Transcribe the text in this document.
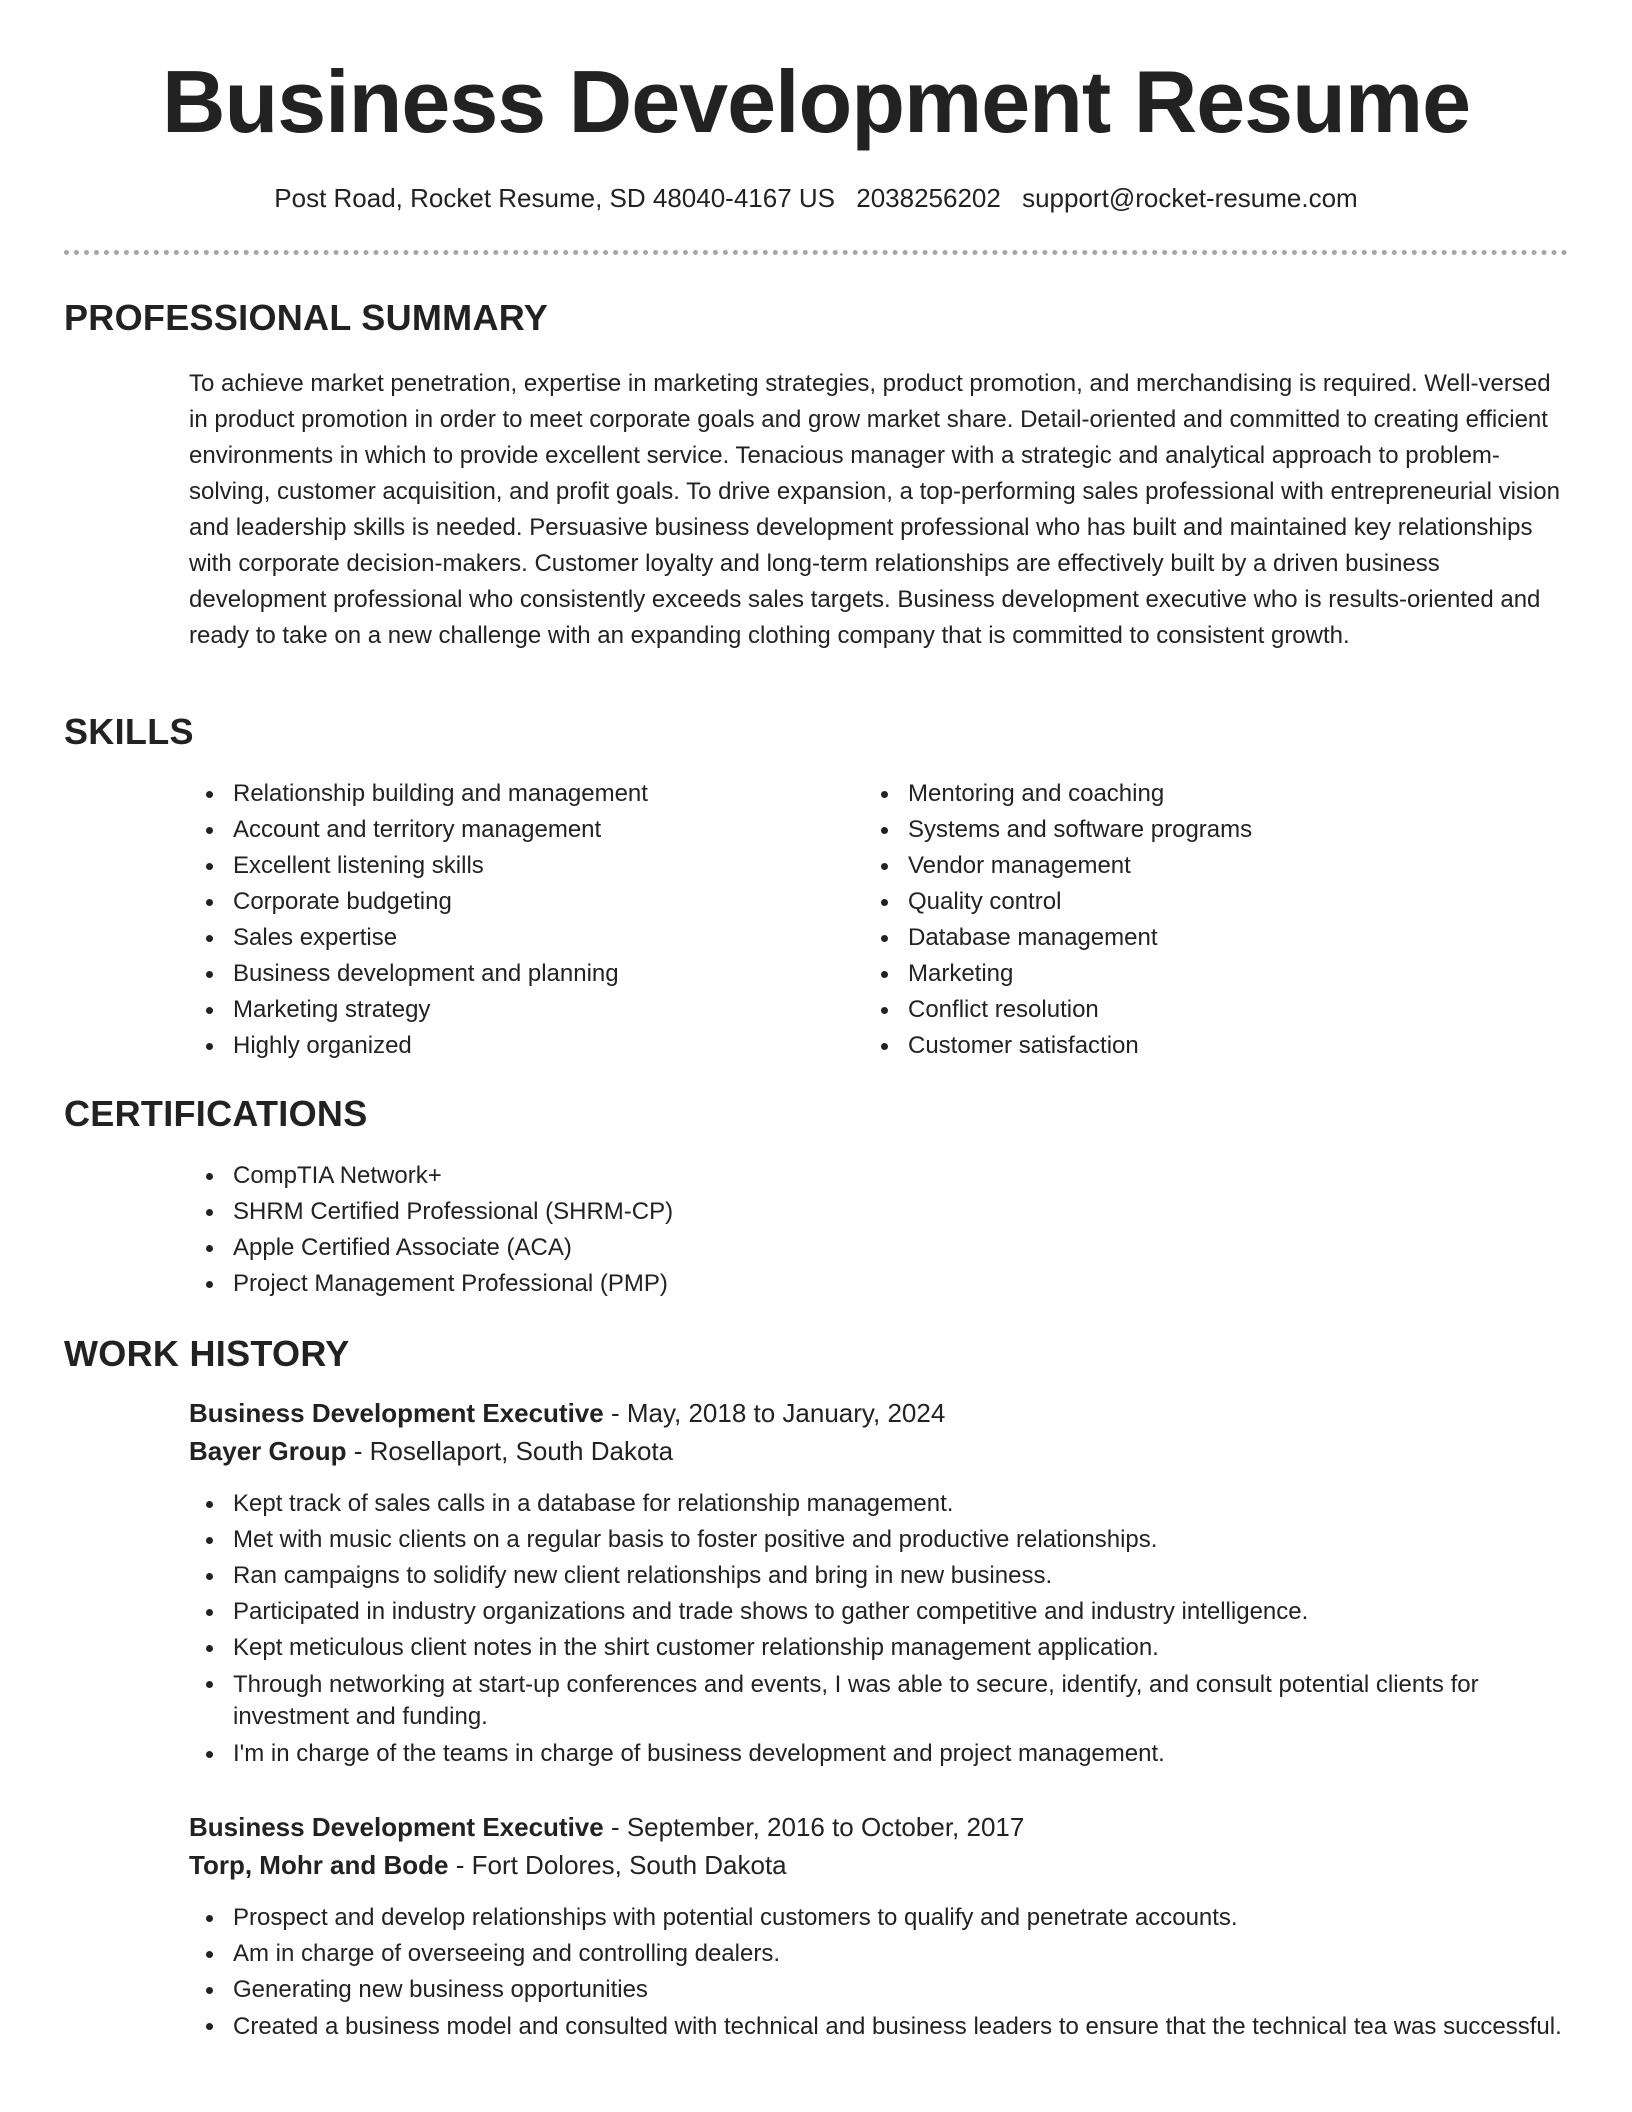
Business Development Resume
Post Road, Rocket Resume, SD 48040-4167 US 2038256202 support@rocket-resume.com
PROFESSIONAL SUMMARY
To achieve market penetration, expertise in marketing strategies, product promotion, and merchandising is required. Well-versed in product promotion in order to meet corporate goals and grow market share. Detail-oriented and committed to creating efficient environments in which to provide excellent service. Tenacious manager with a strategic and analytical approach to problem-solving, customer acquisition, and profit goals. To drive expansion, a top-performing sales professional with entrepreneurial vision and leadership skills is needed. Persuasive business development professional who has built and maintained key relationships with corporate decision-makers. Customer loyalty and long-term relationships are effectively built by a driven business development professional who consistently exceeds sales targets. Business development executive who is results-oriented and ready to take on a new challenge with an expanding clothing company that is committed to consistent growth.
SKILLS
Relationship building and management
Account and territory management
Excellent listening skills
Corporate budgeting
Sales expertise
Business development and planning
Marketing strategy
Highly organized
Mentoring and coaching
Systems and software programs
Vendor management
Quality control
Database management
Marketing
Conflict resolution
Customer satisfaction
CERTIFICATIONS
CompTIA Network+
SHRM Certified Professional (SHRM-CP)
Apple Certified Associate (ACA)
Project Management Professional (PMP)
WORK HISTORY
Business Development Executive - May, 2018 to January, 2024
Bayer Group - Rosellaport, South Dakota
Kept track of sales calls in a database for relationship management.
Met with music clients on a regular basis to foster positive and productive relationships.
Ran campaigns to solidify new client relationships and bring in new business.
Participated in industry organizations and trade shows to gather competitive and industry intelligence.
Kept meticulous client notes in the shirt customer relationship management application.
Through networking at start-up conferences and events, I was able to secure, identify, and consult potential clients for investment and funding.
I'm in charge of the teams in charge of business development and project management.
Business Development Executive - September, 2016 to October, 2017
Torp, Mohr and Bode - Fort Dolores, South Dakota
Prospect and develop relationships with potential customers to qualify and penetrate accounts.
Am in charge of overseeing and controlling dealers.
Generating new business opportunities
Created a business model and consulted with technical and business leaders to ensure that the technical tea was successful.
